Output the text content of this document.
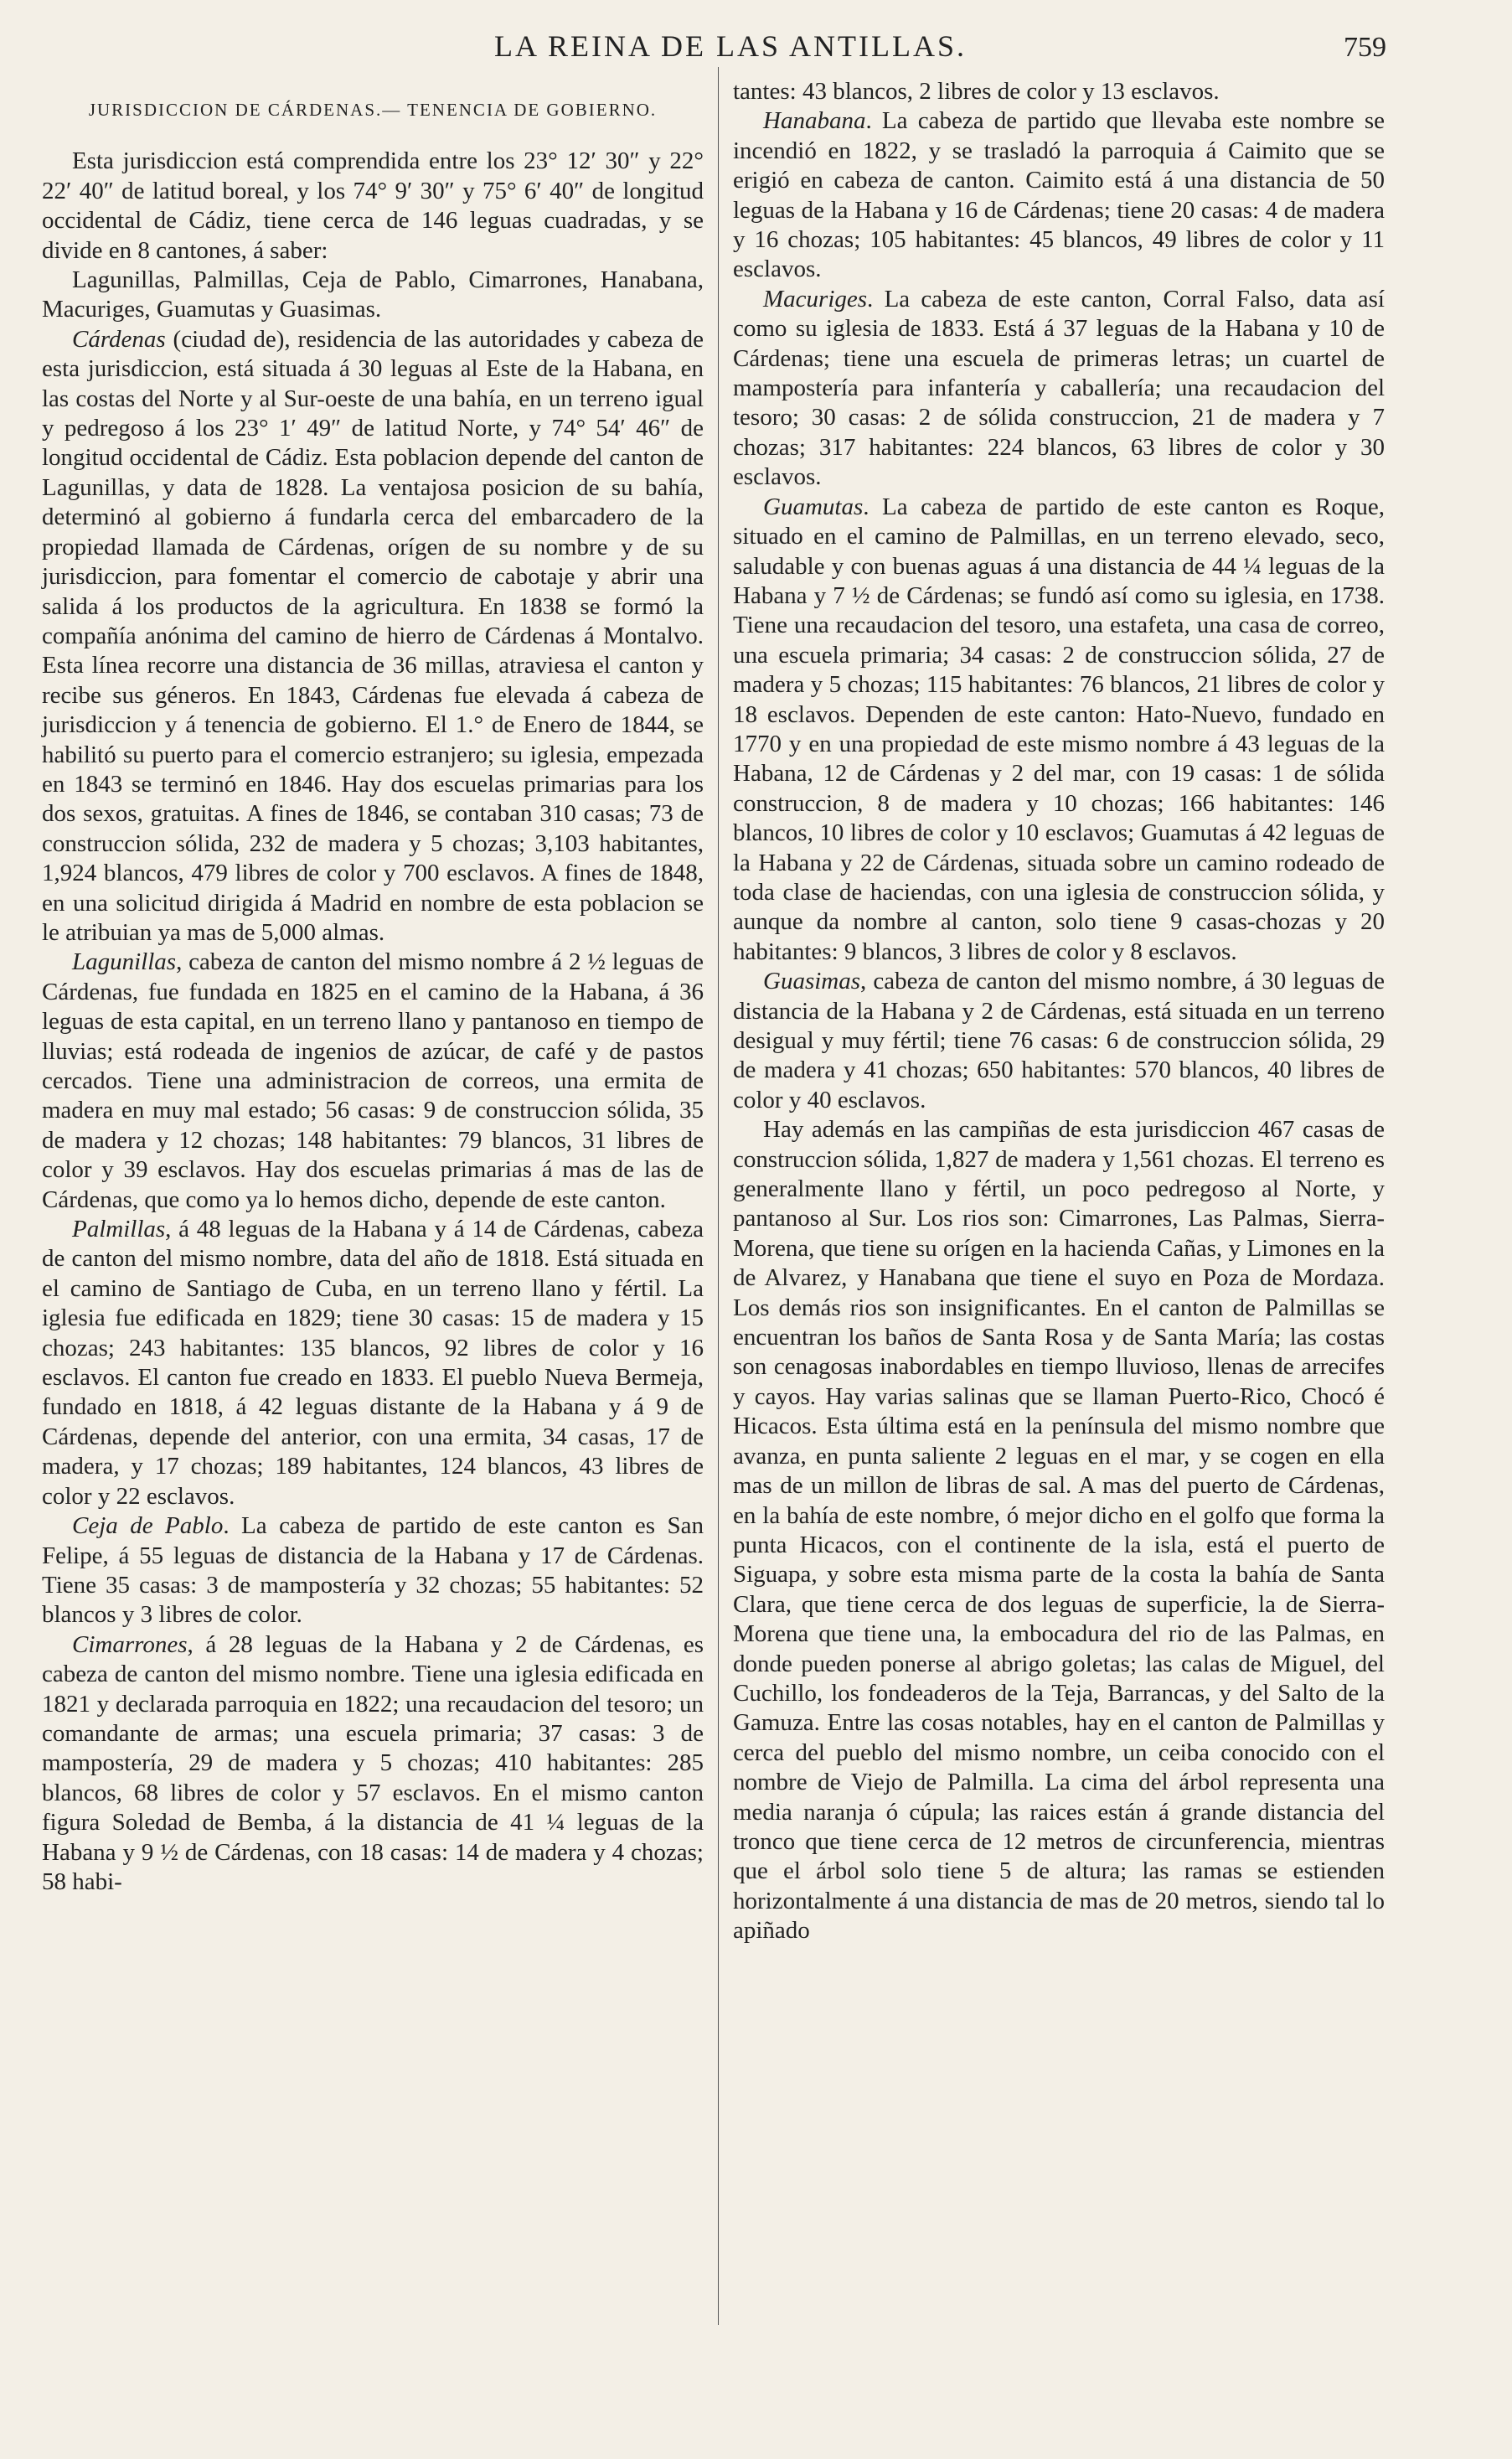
LA REINA DE LAS ANTILLAS.	759
JURISDICCION DE CÁRDENAS.— TENENCIA DE GOBIERNO.

Esta jurisdiccion está comprendida entre los 23° 12′ 30″ y 22° 22′ 40″ de latitud boreal, y los 74° 9′ 30″ y 75° 6′ 40″ de longitud occidental de Cádiz, tiene cerca de 146 leguas cuadradas, y se divide en 8 cantones, á saber:

Lagunillas, Palmillas, Ceja de Pablo, Cimarrones, Hanabana, Macuriges, Guamutas y Guasimas.

Cárdenas (ciudad de), residencia de las autoridades y cabeza de esta jurisdiccion, está situada á 30 leguas al Este de la Habana, en las costas del Norte y al Sur-oeste de una bahía, en un terreno igual y pedregoso á los 23° 1′ 49″ de latitud Norte, y 74° 54′ 46″ de longitud occidental de Cádiz. Esta poblacion depende del canton de Lagunillas, y data de 1828. La ventajosa posicion de su bahía, determinó al gobierno á fundarla cerca del embarcadero de la propiedad llamada de Cárdenas, orígen de su nombre y de su jurisdiccion, para fomentar el comercio de cabotaje y abrir una salida á los productos de la agricultura. En 1838 se formó la compañía anónima del camino de hierro de Cárdenas á Montalvo. Esta línea recorre una distancia de 36 millas, atraviesa el canton y recibe sus géneros. En 1843, Cárdenas fue elevada á cabeza de jurisdiccion y á tenencia de gobierno. El 1.° de Enero de 1844, se habilitó su puerto para el comercio estranjero; su iglesia, empezada en 1843 se terminó en 1846. Hay dos escuelas primarias para los dos sexos, gratuitas. A fines de 1846, se contaban 310 casas; 73 de construccion sólida, 232 de madera y 5 chozas; 3,103 habitantes, 1,924 blancos, 479 libres de color y 700 esclavos. A fines de 1848, en una solicitud dirigida á Madrid en nombre de esta poblacion se le atribuian ya mas de 5,000 almas.

Lagunillas, cabeza de canton del mismo nombre á 2 ½ leguas de Cárdenas, fue fundada en 1825 en el camino de la Habana, á 36 leguas de esta capital, en un terreno llano y pantanoso en tiempo de lluvias; está rodeada de ingenios de azúcar, de café y de pastos cercados. Tiene una administracion de correos, una ermita de madera en muy mal estado; 56 casas: 9 de construccion sólida, 35 de madera y 12 chozas; 148 habitantes: 79 blancos, 31 libres de color y 39 esclavos. Hay dos escuelas primarias á mas de las de Cárdenas, que como ya lo hemos dicho, depende de este canton.

Palmillas, á 48 leguas de la Habana y á 14 de Cárdenas, cabeza de canton del mismo nombre, data del año de 1818. Está situada en el camino de Santiago de Cuba, en un terreno llano y fértil. La iglesia fue edificada en 1829; tiene 30 casas: 15 de madera y 15 chozas; 243 habitantes: 135 blancos, 92 libres de color y 16 esclavos. El canton fue creado en 1833. El pueblo Nueva Bermeja, fundado en 1818, á 42 leguas distante de la Habana y á 9 de Cárdenas, depende del anterior, con una ermita, 34 casas, 17 de madera, y 17 chozas; 189 habitantes, 124 blancos, 43 libres de color y 22 esclavos.

Ceja de Pablo. La cabeza de partido de este canton es San Felipe, á 55 leguas de distancia de la Habana y 17 de Cárdenas. Tiene 35 casas: 3 de mampostería y 32 chozas; 55 habitantes: 52 blancos y 3 libres de color.

Cimarrones, á 28 leguas de la Habana y 2 de Cárdenas, es cabeza de canton del mismo nombre. Tiene una iglesia edificada en 1821 y declarada parroquia en 1822; una recaudacion del tesoro; un comandante de armas; una escuela primaria; 37 casas: 3 de mampostería, 29 de madera y 5 chozas; 410 habitantes: 285 blancos, 68 libres de color y 57 esclavos. En el mismo canton figura Soledad de Bemba, á la distancia de 41 ¼ leguas de la Habana y 9 ½ de Cárdenas, con 18 casas: 14 de madera y 4 chozas; 58 habi-

tantes: 43 blancos, 2 libres de color y 13 esclavos.

Hanabana. La cabeza de partido que llevaba este nombre se incendió en 1822, y se trasladó la parroquia á Caimito que se erigió en cabeza de canton. Caimito está á una distancia de 50 leguas de la Habana y 16 de Cárdenas; tiene 20 casas: 4 de madera y 16 chozas; 105 habitantes: 45 blancos, 49 libres de color y 11 esclavos.

Macuriges. La cabeza de este canton, Corral Falso, data así como su iglesia de 1833. Está á 37 leguas de la Habana y 10 de Cárdenas; tiene una escuela de primeras letras; un cuartel de mampostería para infantería y caballería; una recaudacion del tesoro; 30 casas: 2 de sólida construccion, 21 de madera y 7 chozas; 317 habitantes: 224 blancos, 63 libres de color y 30 esclavos.

Guamutas. La cabeza de partido de este canton es Roque, situado en el camino de Palmillas, en un terreno elevado, seco, saludable y con buenas aguas á una distancia de 44 ¼ leguas de la Habana y 7 ½ de Cárdenas; se fundó así como su iglesia, en 1738. Tiene una recaudacion del tesoro, una estafeta, una casa de correo, una escuela primaria; 34 casas: 2 de construccion sólida, 27 de madera y 5 chozas; 115 habitantes: 76 blancos, 21 libres de color y 18 esclavos. Dependen de este canton: Hato-Nuevo, fundado en 1770 y en una propiedad de este mismo nombre á 43 leguas de la Habana, 12 de Cárdenas y 2 del mar, con 19 casas: 1 de sólida construccion, 8 de madera y 10 chozas; 166 habitantes: 146 blancos, 10 libres de color y 10 esclavos; Guamutas á 42 leguas de la Habana y 22 de Cárdenas, situada sobre un camino rodeado de toda clase de haciendas, con una iglesia de construccion sólida, y aunque da nombre al canton, solo tiene 9 casas-chozas y 20 habitantes: 9 blancos, 3 libres de color y 8 esclavos.

Guasimas, cabeza de canton del mismo nombre, á 30 leguas de distancia de la Habana y 2 de Cárdenas, está situada en un terreno desigual y muy fértil; tiene 76 casas: 6 de construccion sólida, 29 de madera y 41 chozas; 650 habitantes: 570 blancos, 40 libres de color y 40 esclavos.

Hay además en las campiñas de esta jurisdiccion 467 casas de construccion sólida, 1,827 de madera y 1,561 chozas. El terreno es generalmente llano y fértil, un poco pedregoso al Norte, y pantanoso al Sur. Los rios son: Cimarrones, Las Palmas, Sierra-Morena, que tiene su orígen en la hacienda Cañas, y Limones en la de Alvarez, y Hanabana que tiene el suyo en Poza de Mordaza. Los demás rios son insignificantes. En el canton de Palmillas se encuentran los baños de Santa Rosa y de Santa María; las costas son cenagosas inabordables en tiempo lluvioso, llenas de arrecifes y cayos. Hay varias salinas que se llaman Puerto-Rico, Chocó é Hicacos. Esta última está en la península del mismo nombre que avanza, en punta saliente 2 leguas en el mar, y se cogen en ella mas de un millon de libras de sal. A mas del puerto de Cárdenas, en la bahía de este nombre, ó mejor dicho en el golfo que forma la punta Hicacos, con el continente de la isla, está el puerto de Siguapa, y sobre esta misma parte de la costa la bahía de Santa Clara, que tiene cerca de dos leguas de superficie, la de Sierra-Morena que tiene una, la embocadura del rio de las Palmas, en donde pueden ponerse al abrigo goletas; las calas de Miguel, del Cuchillo, los fondeaderos de la Teja, Barrancas, y del Salto de la Gamuza. Entre las cosas notables, hay en el canton de Palmillas y cerca del pueblo del mismo nombre, un ceiba conocido con el nombre de Viejo de Palmilla. La cima del árbol representa una media naranja ó cúpula; las raices están á grande distancia del tronco que tiene cerca de 12 metros de circunferencia, mientras que el árbol solo tiene 5 de altura; las ramas se estienden horizontalmente á una distancia de mas de 20 metros, siendo tal lo apiñado
